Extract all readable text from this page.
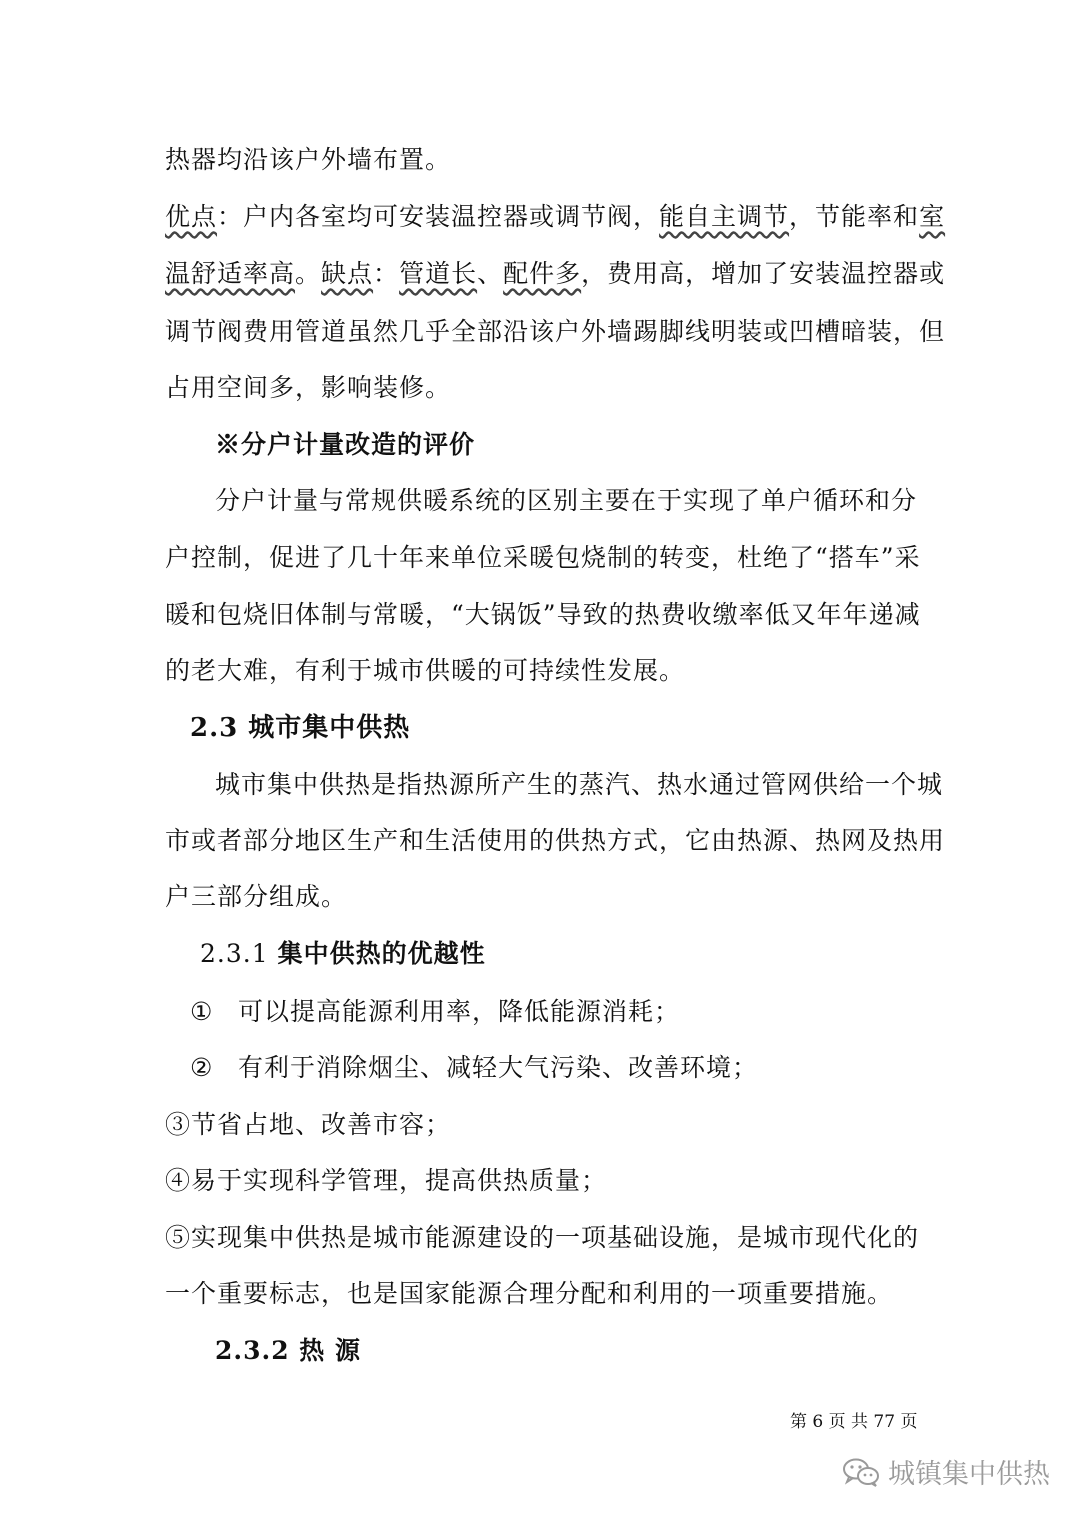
热器均沿该户外墙布置。
优点：户内各室均可安装温控器或调节阀，能自主调节，节能率和室
温舒适率高。缺点：管道长、配件多，费用高，增加了安装温控器或
调节阀费用管道虽然几乎全部沿该户外墙踢脚线明装或凹槽暗装，但
占用空间多，影响装修。
※分户计量改造的评价
分户计量与常规供暖系统的区别主要在于实现了单户循环和分
户控制，促进了几十年来单位采暖包烧制的转变，杜绝了“搭车”采
暖和包烧旧体制与常暖，“大锅饭”导致的热费收缴率低又年年递减
的老大难，有利于城市供暖的可持续性发展。
2.3 城市集中供热
城市集中供热是指热源所产生的蒸汽、热水通过管网供给一个城
市或者部分地区生产和生活使用的供热方式，它由热源、热网及热用
户三部分组成。
2.3.1 集中供热的优越性
① 可以提高能源利用率，降低能源消耗；
② 有利于消除烟尘、减轻大气污染、改善环境；
③节省占地、改善市容；
④易于实现科学管理，提高供热质量；
⑤实现集中供热是城市能源建设的一项基础设施，是城市现代化的
一个重要标志，也是国家能源合理分配和利用的一项重要措施。
2.3.2 热 源
第 6 页 共 77 页
城镇集中供热
